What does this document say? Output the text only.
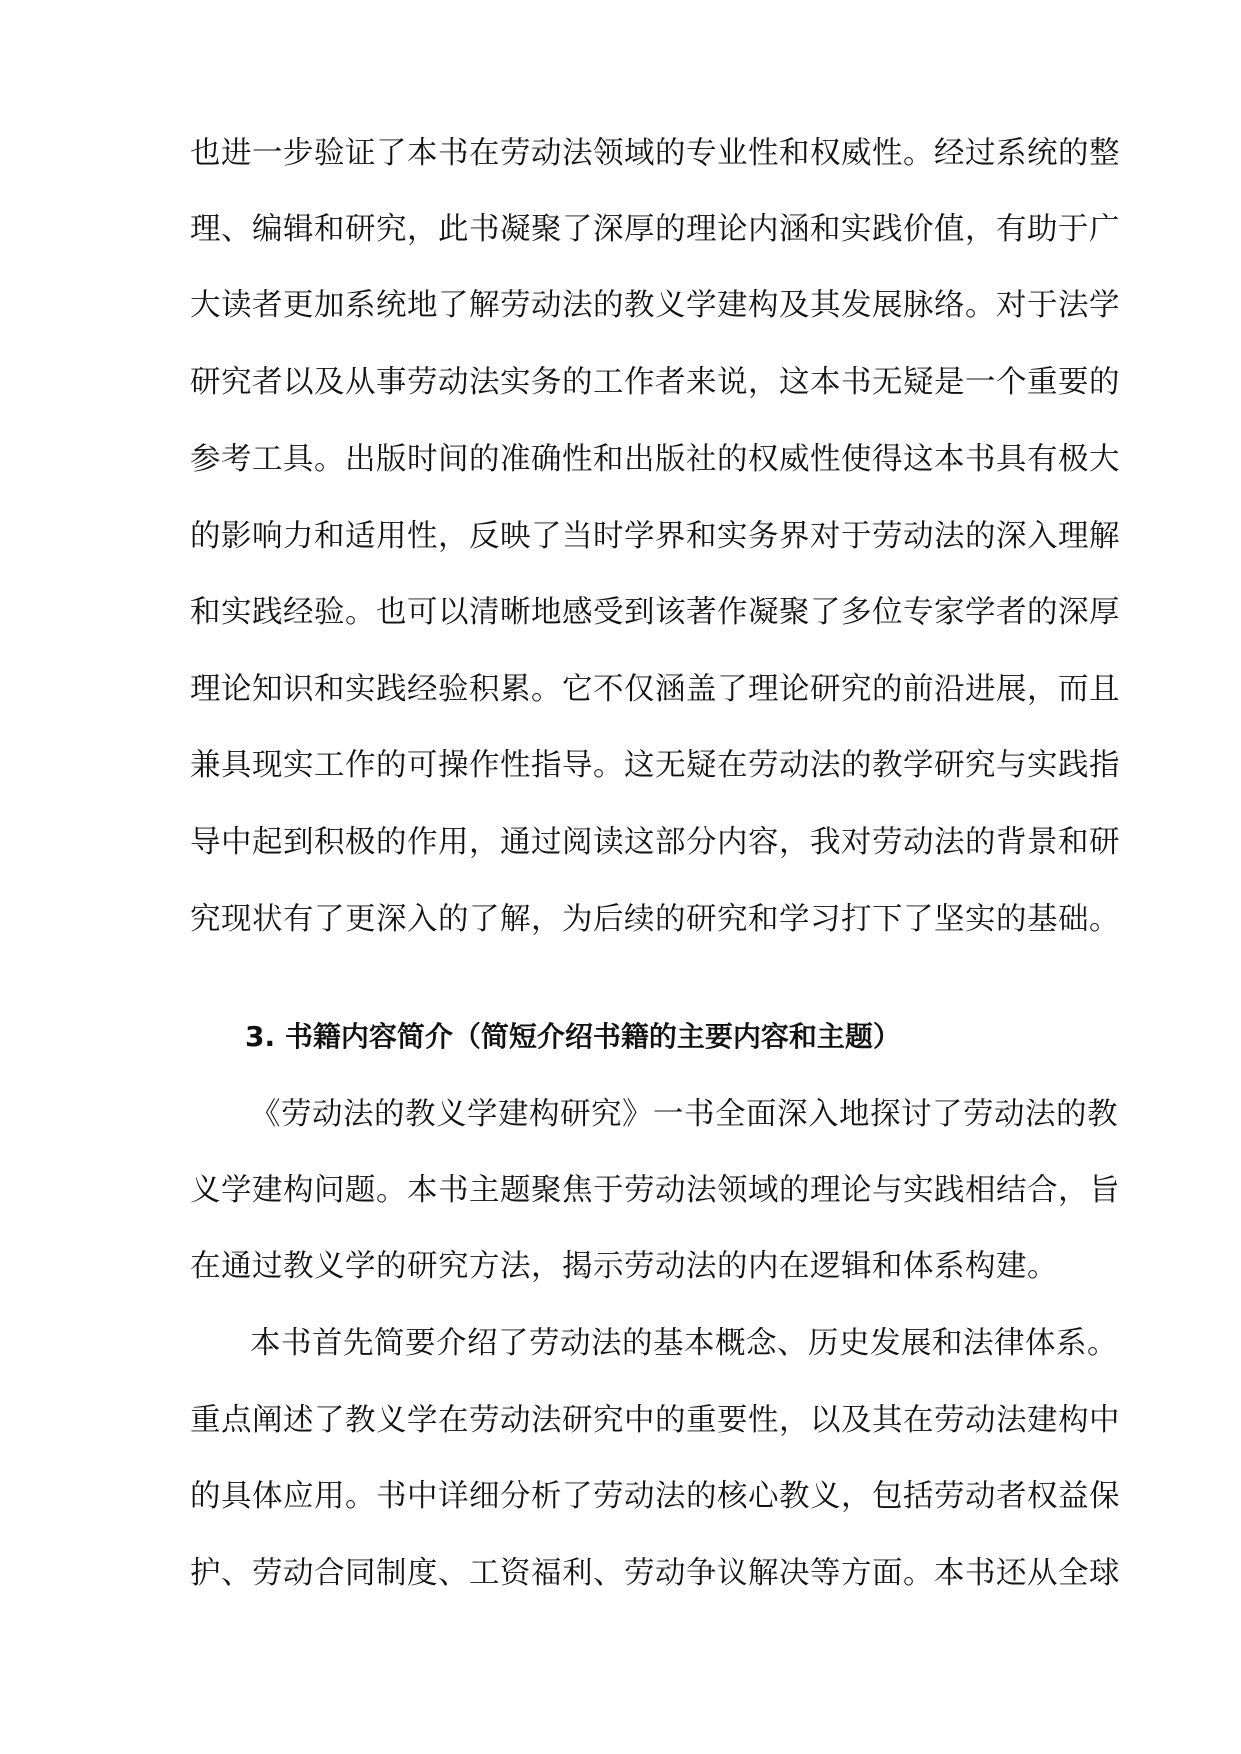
也进一步验证了本书在劳动法领域的专业性和权威性。经过系统的整
理、编辑和研究，此书凝聚了深厚的理论内涵和实践价值，有助于广
大读者更加系统地了解劳动法的教义学建构及其发展脉络。对于法学
研究者以及从事劳动法实务的工作者来说，这本书无疑是一个重要的
参考工具。出版时间的准确性和出版社的权威性使得这本书具有极大
的影响力和适用性，反映了当时学界和实务界对于劳动法的深入理解
和实践经验。也可以清晰地感受到该著作凝聚了多位专家学者的深厚
理论知识和实践经验积累。它不仅涵盖了理论研究的前沿进展，而且
兼具现实工作的可操作性指导。这无疑在劳动法的教学研究与实践指
导中起到积极的作用，通过阅读这部分内容，我对劳动法的背景和研
究现状有了更深入的了解，为后续的研究和学习打下了坚实的基础。
3. 书籍内容简介（简短介绍书籍的主要内容和主题）
《劳动法的教义学建构研究》一书全面深入地探讨了劳动法的教
义学建构问题。本书主题聚焦于劳动法领域的理论与实践相结合，旨
在通过教义学的研究方法，揭示劳动法的内在逻辑和体系构建。
本书首先简要介绍了劳动法的基本概念、历史发展和法律体系。
重点阐述了教义学在劳动法研究中的重要性，以及其在劳动法建构中
的具体应用。书中详细分析了劳动法的核心教义，包括劳动者权益保
护、劳动合同制度、工资福利、劳动争议解决等方面。本书还从全球
